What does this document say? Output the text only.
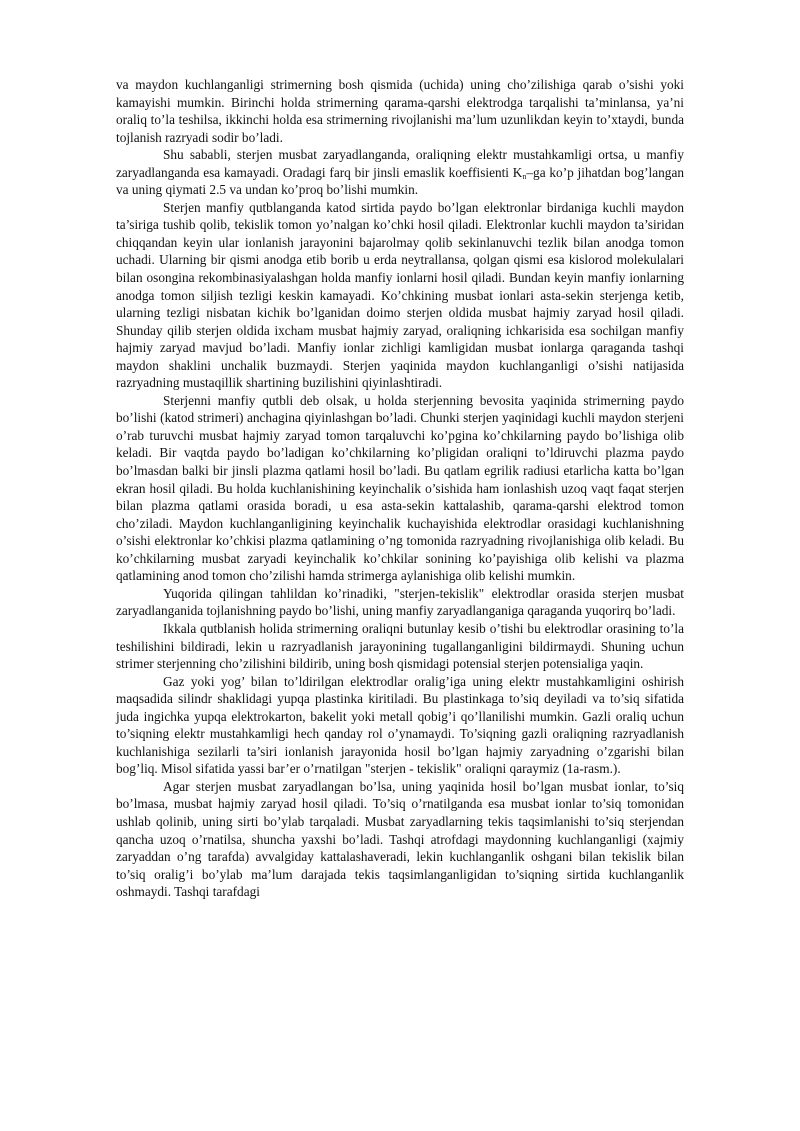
va maydon kuchlanganligi strimerning bosh qismida (uchida) uning cho’zilishiga qarab o’sishi yoki kamayishi mumkin. Birinchi holda strimerning qarama-qarshi elektrodga tarqalishi ta’minlansa, ya’ni oraliq to’la teshilsa, ikkinchi holda esa strimerning rivojlanishi ma’lum uzunlikdan keyin to’xtaydi, bunda tojlanish razryadi sodir bo’ladi.

Shu sababli, sterjen musbat zaryadlanganda, oraliqning elektr mustahkamligi ortsa, u manfiy zaryadlanganda esa kamayadi. Oradagi farq bir jinsli emaslik koeffisienti $K_n-ga$ ko’p jihatdan bog’langan va uning qiymati 2.5 va undan ko’proq bo’lishi mumkin.

Sterjen manfiy qutblanganda katod sirtida paydo bo’lgan elektronlar birdaniga kuchli maydon ta’siriga tushib qolib, tekislik tomon yo’nalgan ko’chki hosil qiladi. Elektronlar kuchli maydon ta’siridan chiqqandan keyin ular ionlanish jarayonini bajarolmay qolib sekinlanuvchi tezlik bilan anodga tomon uchadi. Ularning bir qismi anodga etib borib u erda neytrallansa, qolgan qismi esa kislorod molekulalari bilan osongina rekombinasiyalashgan holda manfiy ionlarni hosil qiladi. Bundan keyin manfiy ionlarning anodga tomon siljish tezligi keskin kamayadi. Ko’chkining musbat ionlari asta-sekin sterjenga ketib, ularning tezligi nisbatan kichik bo’lganidan doimo sterjen oldida musbat hajmiy zaryad hosil qiladi. Shunday qilib sterjen oldida ixcham musbat hajmiy zaryad, oraliqning ichkarisida esa sochilgan manfiy hajmiy zaryad mavjud bo’ladi. Manfiy ionlar zichligi kamligidan musbat ionlarga qaraganda tashqi maydon shaklini unchalik buzmaydi. Sterjen yaqinida maydon kuchlanganligi o’sishi natijasida razryadning mustaqillik shartining buzilishini qiyinlashtiradi.

Sterjenni manfiy qutbli deb olsak, u holda sterjenning bevosita yaqinida strimerning paydo bo’lishi (katod strimeri) anchagina qiyinlashgan bo’ladi. Chunki sterjen yaqinidagi kuchli maydon sterjeni o’rab turuvchi musbat hajmiy zaryad tomon tarqaluvchi ko’pgina ko’chkilarning paydo bo’lishiga olib keladi. Bir vaqtda paydo bo’ladigan ko’chkilarning ko’pligidan oraliqni to’ldiruvchi plazma paydo bo’lmasdan balki bir jinsli plazma qatlami hosil bo’ladi. Bu qatlam egrilik radiusi etarlicha katta bo’lgan ekran hosil qiladi. Bu holda kuchlanishining keyinchalik o’sishida ham ionlashish uzoq vaqt faqat sterjen bilan plazma qatlami orasida boradi, u esa asta-sekin kattalashib, qarama-qarshi elektrod tomon cho’ziladi. Maydon kuchlanganligining keyinchalik kuchayishida elektrodlar orasidagi kuchlanishning o’sishi elektronlar ko’chkisi plazma qatlamining o’ng tomonida razryadning rivojlanishiga olib keladi. Bu ko’chkilarning musbat zaryadi keyinchalik ko’chkilar sonining ko’payishiga olib kelishi va plazma qatlamining anod tomon cho’zilishi hamda strimerga aylanishiga olib kelishi mumkin.

Yuqorida qilingan tahlildan ko’rinadiki, "sterjen-tekislik" elektrodlar orasida sterjen musbat zaryadlanganida tojlanishning paydo bo’lishi, uning manfiy zaryadlanganiga qaraganda yuqorirq bo’ladi.

Ikkala qutblanish holida strimerning oraliqni butunlay kesib o’tishi bu elektrodlar orasining to’la teshilishini bildiradi, lekin u razryadlanish jarayonining tugallanganligini bildirmaydi. Shuning uchun strimer sterjenning cho’zilishini bildirib, uning bosh qismidagi potensial sterjen potensialiga yaqin.

Gaz yoki yog’ bilan to’ldirilgan elektrodlar oralig’iga uning elektr mustahkamligini oshirish maqsadida silindr shaklidagi yupqa plastinka kiritiladi. Bu plastinkaga to’siq deyiladi va to’siq sifatida juda ingichka yupqa elektrokarton, bakelit yoki metall qobig’i qo’llanilishi mumkin. Gazli oraliq uchun to’siqning elektr mustahkamligi hech qanday rol o’ynamaydi. To’siqning gazli oraliqning razryadlanish kuchlanishiga sezilarli ta’siri ionlanish jarayonida hosil bo’lgan hajmiy zaryadning o’zgarishi bilan bog’liq. Misol sifatida yassi bar’er o’rnatilgan "sterjen - tekislik" oraliqni qaraymiz (1a-rasm.).

Agar sterjen musbat zaryadlangan bo’lsa, uning yaqinida hosil bo’lgan musbat ionlar, to’siq bo’lmasa, musbat hajmiy zaryad hosil qiladi. To’siq o’rnatilganda esa musbat ionlar to’siq tomonidan ushlab qolinib, uning sirti bo’ylab tarqaladi. Musbat zaryadlarning tekis taqsimlanishi to’siq sterjendan qancha uzoq o’rnatilsa, shuncha yaxshi bo’ladi. Tashqi atrofdagi maydonning kuchlanganligi (xajmiy zaryaddan o’ng tarafda) avvalgiday kattalashaveradi, lekin kuchlanganlik oshgani bilan tekislik bilan to’siq oralig’i bo’ylab ma’lum darajada tekis taqsimlanganligidan to’siqning sirtida kuchlanganlik oshmaydi. Tashqi tarafdagi
